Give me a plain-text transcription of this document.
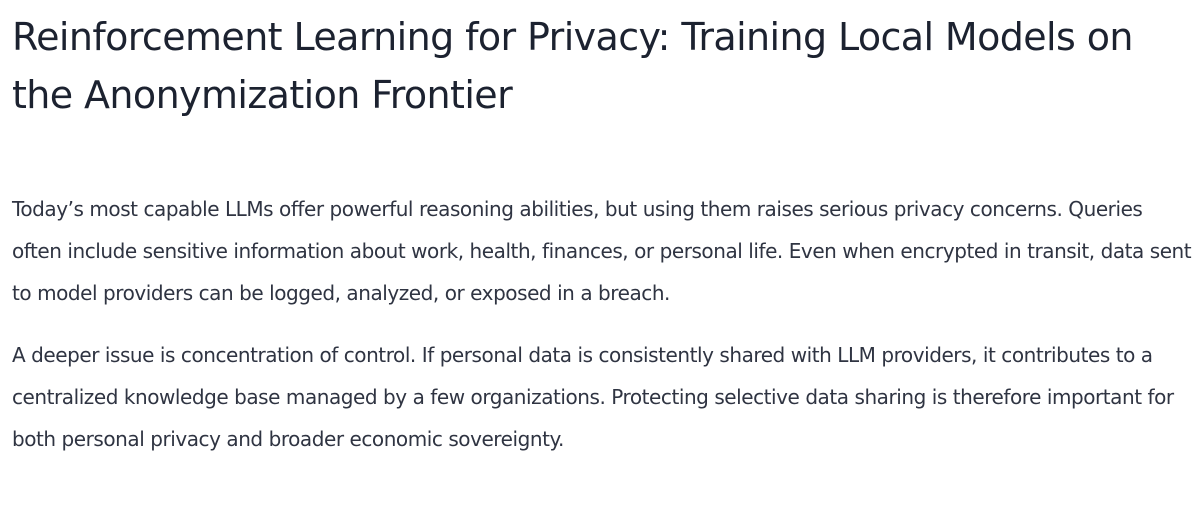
Reinforcement Learning for Privacy: Training Local Models on the Anonymization Frontier

Today’s most capable LLMs offer powerful reasoning abilities, but using them raises serious privacy concerns. Queries often include sensitive information about work, health, finances, or personal life. Even when encrypted in transit, data sent to model providers can be logged, analyzed, or exposed in a breach.

A deeper issue is concentration of control. If personal data is consistently shared with LLM providers, it contributes to a centralized knowledge base managed by a few organizations. Protecting selective data sharing is therefore important for both personal privacy and broader economic sovereignty.
